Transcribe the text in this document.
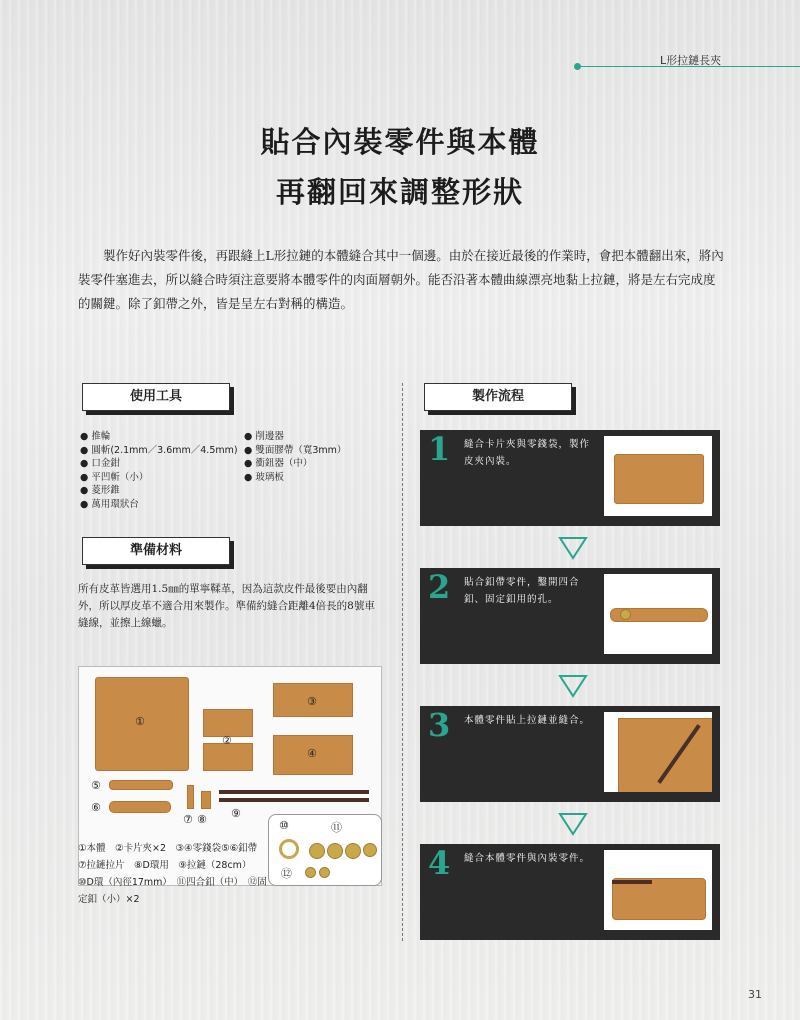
L形拉鏈長夾
貼合內裝零件與本體
再翻回來調整形狀
製作好內裝零件後，再跟縫上L形拉鏈的本體縫合其中一個邊。由於在接近最後的作業時，會把本體翻出來，將內裝零件塞進去，所以縫合時須注意要將本體零件的肉面層朝外。能否沿著本體曲線漂亮地黏上拉鏈，將是左右完成度的關鍵。除了釦帶之外，皆是呈左右對稱的構造。
使用工具
● 推輪
● 圓斬(2.1mm／3.6mm／4.5mm)
● 口金鉗
● 平凹斬（小）
● 菱形錐
● 萬用環狀台
● 削邊器
● 雙面膠帶（寬3mm）
● 衝鈕器（中）
● 玻璃板
準備材料
所有皮革皆選用1.5㎜的單寧鞣革，因為這款皮件最後要由內翻外，所以厚皮革不適合用來製作。準備約縫合距離4倍長的8號車縫線，並擦上線蠟。
①
②
③
④
⑤
⑥
⑦ ⑧ ⑨
⑩	⑪
⑫
①本體　②卡片夾×2　③④零錢袋⑤⑥釦帶　⑦拉鏈拉片　⑧D環用　⑨拉鏈（28cm）　⑩D環（內徑17mm）　⑪四合釦（中）　⑫固定釦（小）×2
製作流程
1 縫合卡片夾與零錢袋，製作皮夾內裝。
2 貼合釦帶零件，鑿開四合釦、固定釦用的孔。
3 本體零件貼上拉鏈並縫合。
4 縫合本體零件與內裝零件。
31
